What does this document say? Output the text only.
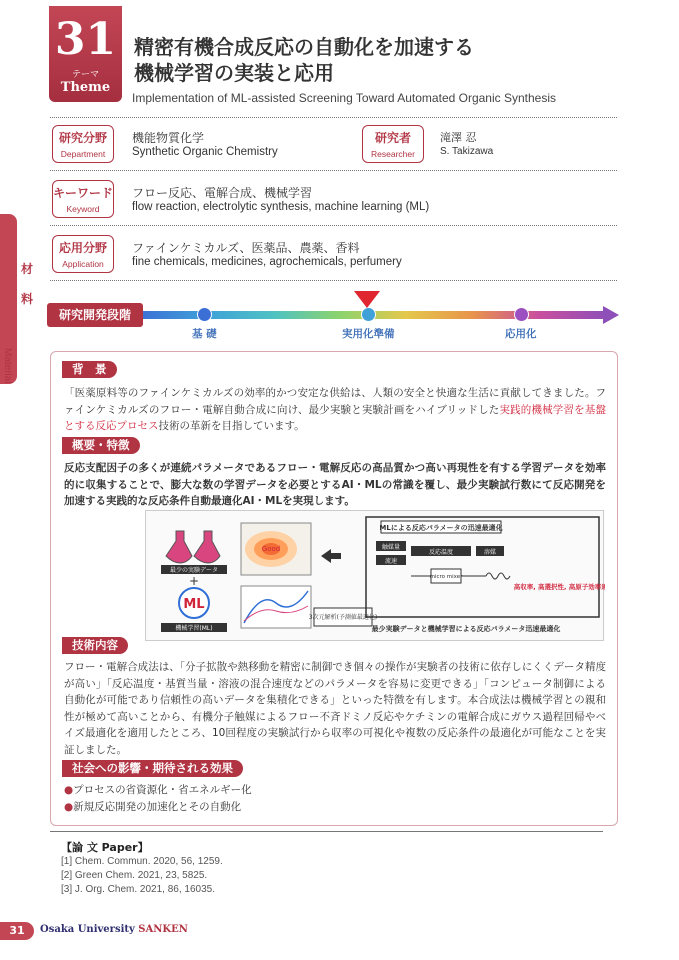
31
テーマ
Theme
精密有機合成反応の自動化を加速する
機械学習の実装と応用
Implementation of ML-assisted Screening Toward Automated Organic Synthesis
研究分野
Department
機能物質化学
Synthetic Organic Chemistry
研究者
Researcher
滝澤 忍
S. Takizawa
キーワード
Keyword
フロー反応、電解合成、機械学習
flow reaction, electrolytic synthesis, machine learning (ML)
応用分野
Application
ファインケミカルズ、医薬品、農薬、香料
fine chemicals, medicines, agrochemicals, perfumery
材料
Material
研究開発段階
基 礎	実用化準備	応用化
背　景
「医薬原料等のファインケミカルズの効率的かつ安定な供給は、人類の安全と快適な生活に貢献してきました。ファインケミカルズのフロー・電解自動合成に向け、最少実験と実験計画をハイブリッドした実践的機械学習を基盤とする反応プロセス技術の革新を目指しています。
概要・特徴
反応支配因子の多くが連続パラメータであるフロー・電解反応の高品質かつ高い再現性を有する学習データを効率的に収集することで、膨大な数の学習データを必要とするAI・MLの常識を覆し、最少実験試行数にて反応開発を加速する実践的な反応条件自動最適化AI・MLを実現します。
最少の実験データ
+
ML
機械学習(ML)
Good
3次元解析(予測値最適化)
MLによる反応パラメータの迅速最適化
触媒量
流速
反応温度	溶媒
micro mixer
高収率, 高選択性, 高原子効率達成
最少実験データと機械学習による反応パラメータ迅速最適化
技術内容
フロー・電解合成法は、「分子拡散や熱移動を精密に制御でき個々の操作が実験者の技術に依存しにくくデータ精度が高い」「反応温度・基質当量・溶液の混合速度などのパラメータを容易に変更できる」「コンピュータ制御による自動化が可能であり信頼性の高いデータを集積化できる」といった特徴を有します。本合成法は機械学習との親和性が極めて高いことから、有機分子触媒によるフロー不斉ドミノ反応やケチミンの電解合成にガウス過程回帰やベイズ最適化を適用したところ、10回程度の実験試行から収率の可視化や複数の反応条件の最適化が可能なことを実証しました。
社会への影響・期待される効果
●プロセスの省資源化・省エネルギー化
●新規反応開発の加速化とその自動化
【論 文 Paper】
[1] Chem. Commun. 2020, 56, 1259.
[2] Green Chem. 2021, 23, 5825.
[3] J. Org. Chem. 2021, 86, 16035.
31	Osaka University SANKEN
